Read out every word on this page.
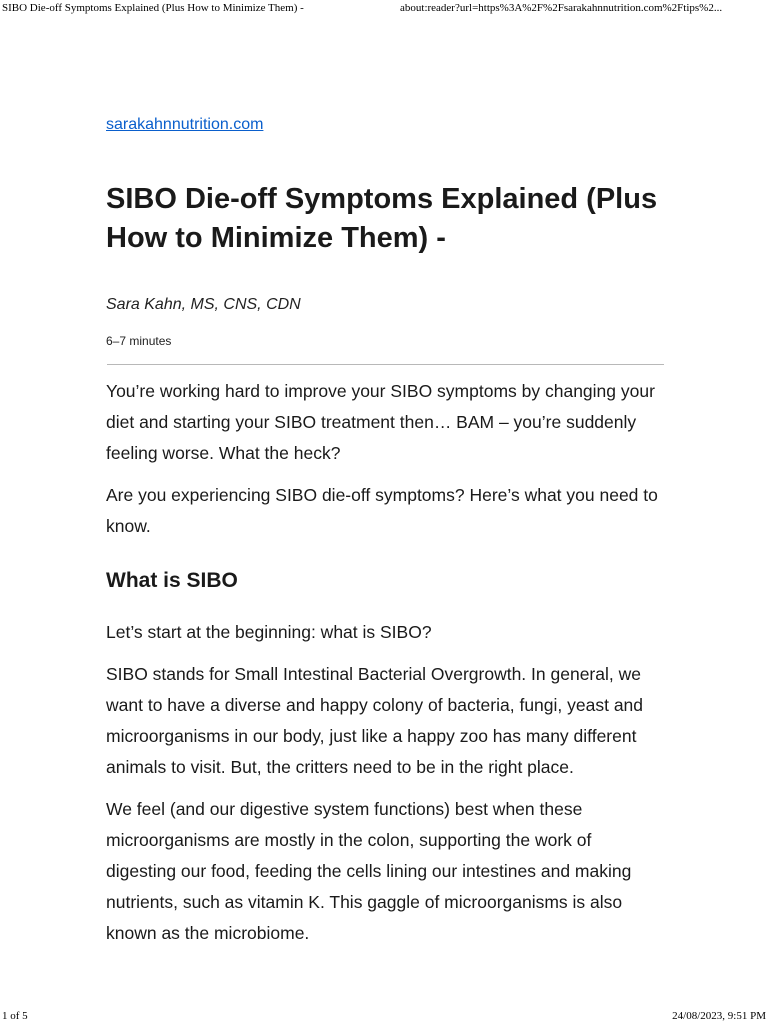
SIBO Die-off Symptoms Explained (Plus How to Minimize Them) -	about:reader?url=https%3A%2F%2Fsarakahnnutrition.com%2Ftips%2...
sarakahnnutrition.com
SIBO Die-off Symptoms Explained (Plus How to Minimize Them) -
Sara Kahn, MS, CNS, CDN
6–7 minutes

You’re working hard to improve your SIBO symptoms by changing your diet and starting your SIBO treatment then… BAM – you’re suddenly feeling worse. What the heck?

Are you experiencing SIBO die-off symptoms? Here’s what you need to know.

What is SIBO

Let’s start at the beginning: what is SIBO?

SIBO stands for Small Intestinal Bacterial Overgrowth. In general, we want to have a diverse and happy colony of bacteria, fungi, yeast and microorganisms in our body, just like a happy zoo has many different animals to visit. But, the critters need to be in the right place.

We feel (and our digestive system functions) best when these microorganisms are mostly in the colon, supporting the work of digesting our food, feeding the cells lining our intestines and making nutrients, such as vitamin K. This gaggle of microorganisms is also known as the microbiome.

1 of 5	24/08/2023, 9:51 PM
